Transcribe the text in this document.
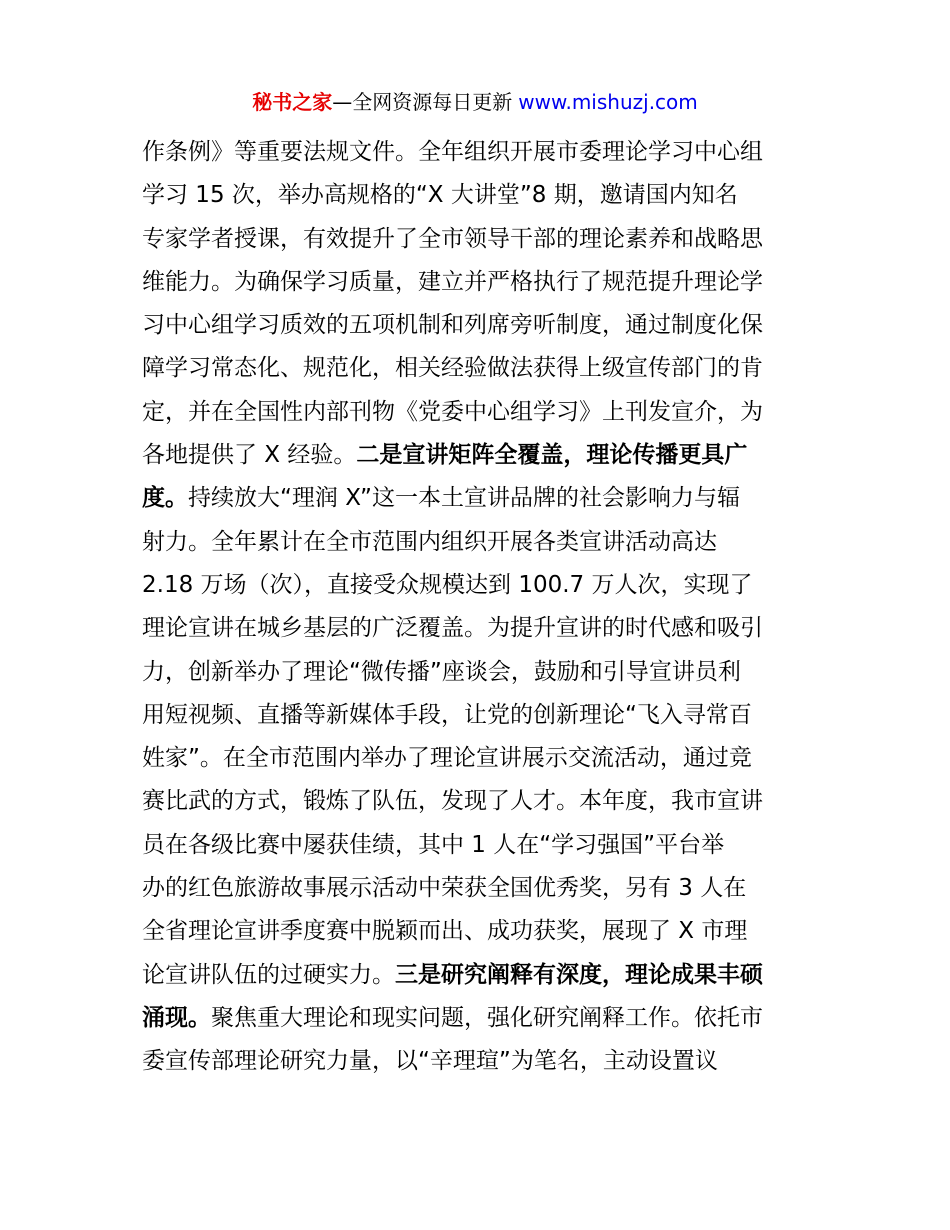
秘书之家—全网资源每日更新 www.mishuzj.com
作条例》等重要法规文件。全年组织开展市委理论学习中心组
学习 15 次，举办高规格的“X 大讲堂”8 期，邀请国内知名
专家学者授课，有效提升了全市领导干部的理论素养和战略思
维能力。为确保学习质量，建立并严格执行了规范提升理论学
习中心组学习质效的五项机制和列席旁听制度，通过制度化保
障学习常态化、规范化，相关经验做法获得上级宣传部门的肯
定，并在全国性内部刊物《党委中心组学习》上刊发宣介，为
各地提供了 X 经验。二是宣讲矩阵全覆盖，理论传播更具广
度。持续放大“理润 X”这一本土宣讲品牌的社会影响力与辐
射力。全年累计在全市范围内组织开展各类宣讲活动高达
2.18 万场（次），直接受众规模达到 100.7 万人次，实现了
理论宣讲在城乡基层的广泛覆盖。为提升宣讲的时代感和吸引
力，创新举办了理论“微传播”座谈会，鼓励和引导宣讲员利
用短视频、直播等新媒体手段，让党的创新理论“飞入寻常百
姓家”。在全市范围内举办了理论宣讲展示交流活动，通过竞
赛比武的方式，锻炼了队伍，发现了人才。本年度，我市宣讲
员在各级比赛中屡获佳绩，其中 1 人在“学习强国”平台举
办的红色旅游故事展示活动中荣获全国优秀奖，另有 3 人在
全省理论宣讲季度赛中脱颖而出、成功获奖，展现了 X 市理
论宣讲队伍的过硬实力。三是研究阐释有深度，理论成果丰硕
涌现。聚焦重大理论和现实问题，强化研究阐释工作。依托市
委宣传部理论研究力量，以“辛理瑄”为笔名，主动设置议
